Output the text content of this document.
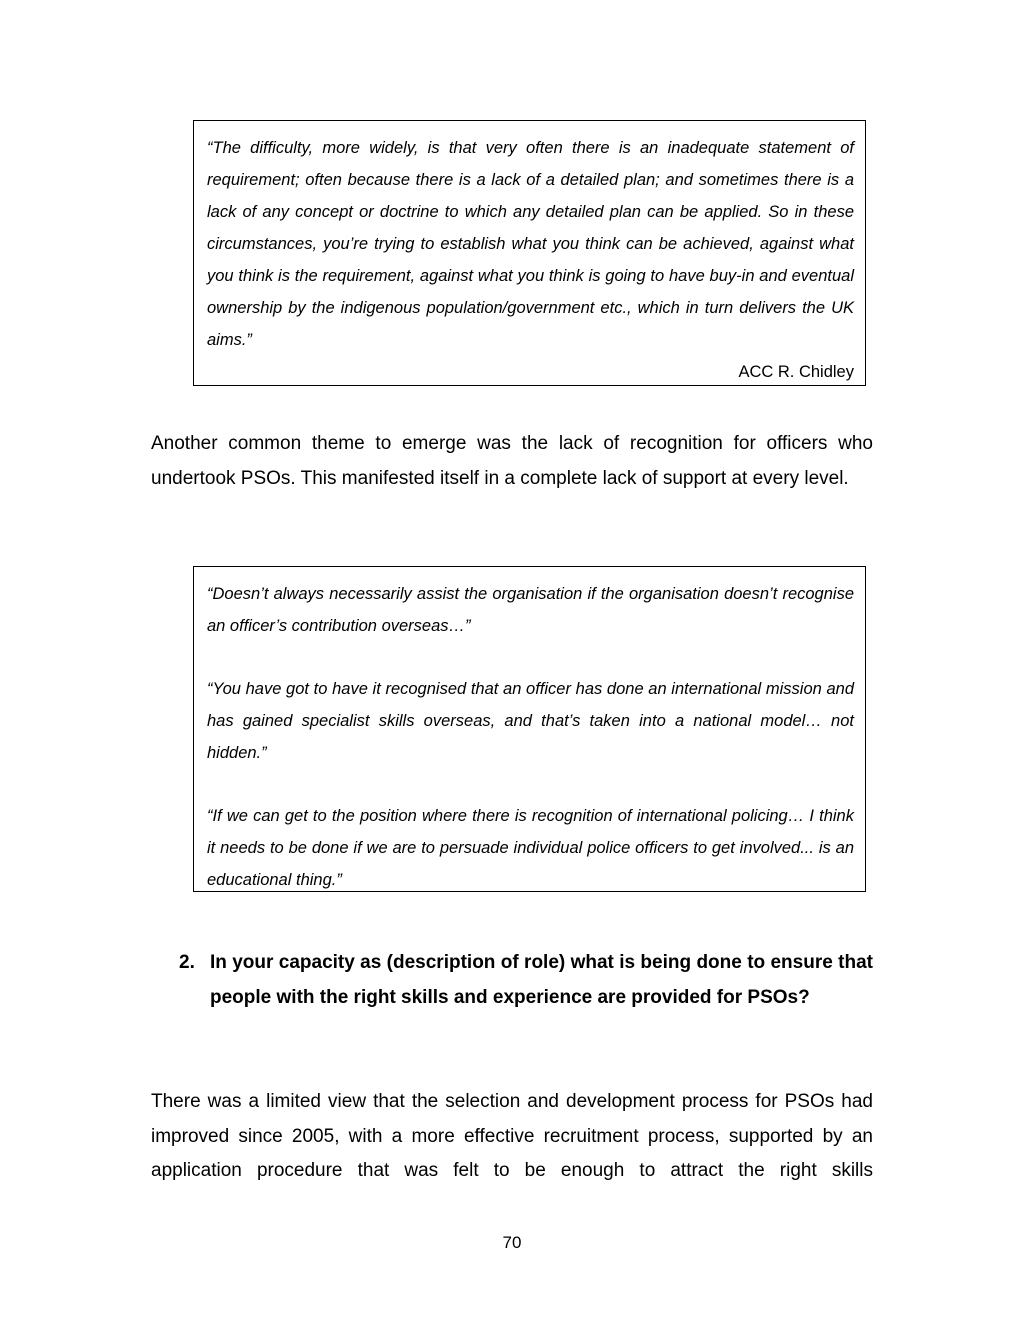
“The difficulty, more widely, is that very often there is an inadequate statement of requirement; often because there is a lack of a detailed plan; and sometimes there is a lack of any concept or doctrine to which any detailed plan can be applied. So in these circumstances, you’re trying to establish what you think can be achieved, against what you think is the requirement, against what you think is going to have buy-in and eventual ownership by the indigenous population/government etc., which in turn delivers the UK aims.”

ACC R. Chidley

Another common theme to emerge was the lack of recognition for officers who undertook PSOs. This manifested itself in a complete lack of support at every level.

“Doesn’t always necessarily assist the organisation if the organisation doesn’t recognise an officer’s contribution overseas…”

“You have got to have it recognised that an officer has done an international mission and has gained specialist skills overseas, and that’s taken into a national model… not hidden.”

“If we can get to the position where there is recognition of international policing… I think it needs to be done if we are to persuade individual police officers to get involved... is an educational thing.”

2. In your capacity as (description of role) what is being done to ensure that people with the right skills and experience are provided for PSOs?

There was a limited view that the selection and development process for PSOs had improved since 2005, with a more effective recruitment process, supported by an application procedure that was felt to be enough to attract the right skills

70
